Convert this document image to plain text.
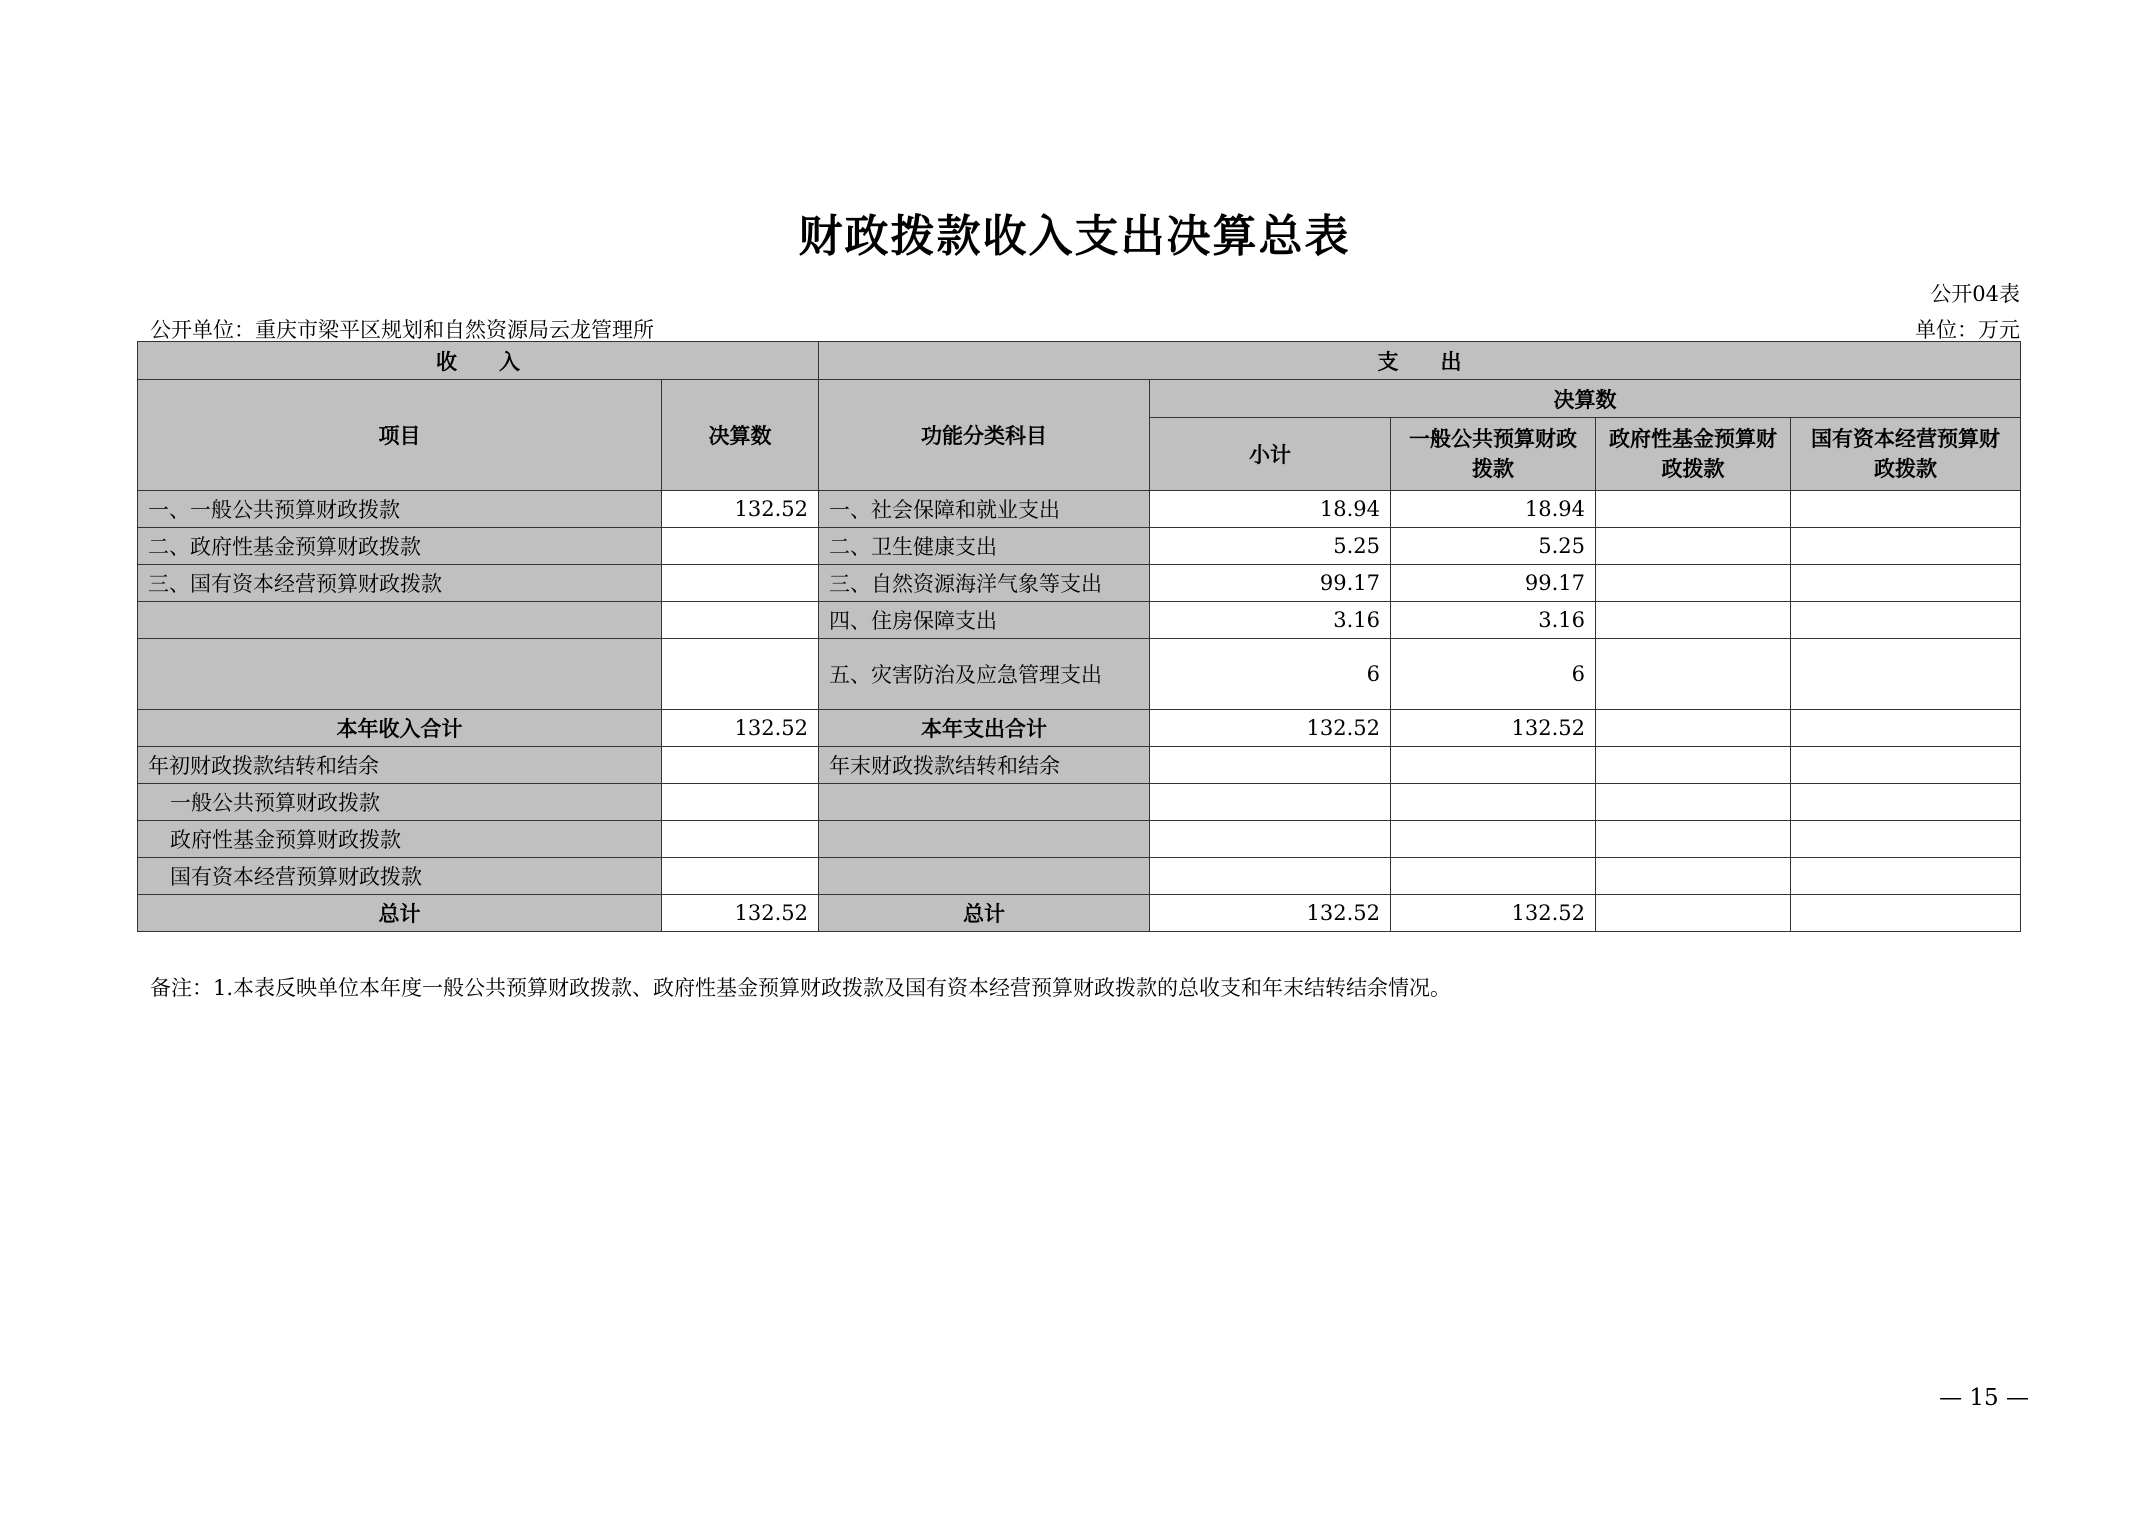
财政拨款收入支出决算总表
公开04表
公开单位：重庆市梁平区规划和自然资源局云龙管理所	单位：万元
收　　入		支　　出				
项目	决算数	功能分类科目	决算数			
			小计	一般公共预算财政拨款	政府性基金预算财政拨款	国有资本经营预算财政拨款
一、一般公共预算财政拨款	132.52	一、社会保障和就业支出	18.94	18.94		
二、政府性基金预算财政拨款		二、卫生健康支出	5.25	5.25		
三、国有资本经营预算财政拨款		三、自然资源海洋气象等支出	99.17	99.17		
		四、住房保障支出	3.16	3.16		
		五、灾害防治及应急管理支出	6	6		
本年收入合计	132.52	本年支出合计	132.52	132.52		
年初财政拨款结转和结余		年末财政拨款结转和结余				
一般公共预算财政拨款						
政府性基金预算财政拨款						
国有资本经营预算财政拨款						
总计	132.52	总计	132.52	132.52		
备注：1.本表反映单位本年度一般公共预算财政拨款、政府性基金预算财政拨款及国有资本经营预算财政拨款的总收支和年末结转结余情况。
— 15 —
